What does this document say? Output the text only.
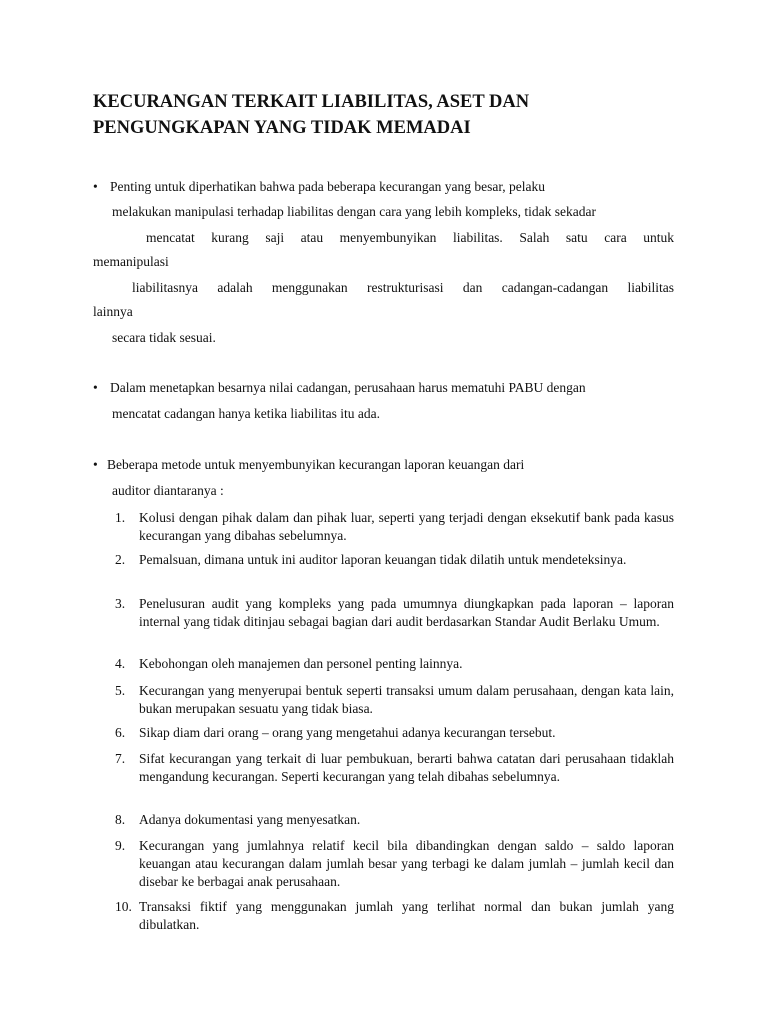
KECURANGAN TERKAIT LIABILITAS, ASET DAN PENGUNGKAPAN YANG TIDAK MEMADAI
• Penting untuk diperhatikan bahwa pada beberapa kecurangan yang besar, pelaku
melakukan manipulasi terhadap liabilitas dengan cara yang lebih kompleks, tidak sekadar
mencatat kurang saji atau menyembunyikan liabilitas. Salah satu cara untuk
memanipulasi
liabilitasnya adalah menggunakan restrukturisasi dan cadangan-cadangan liabilitas
lainnya
secara tidak sesuai.
• Dalam menetapkan besarnya nilai cadangan, perusahaan harus mematuhi PABU dengan
mencatat cadangan hanya ketika liabilitas itu ada.
• Beberapa metode untuk menyembunyikan kecurangan laporan keuangan dari
auditor diantaranya :
1. Kolusi dengan pihak dalam dan pihak luar, seperti yang terjadi dengan eksekutif bank pada kasus kecurangan yang dibahas sebelumnya.

2. Pemalsuan, dimana untuk ini auditor laporan keuangan tidak dilatih untuk mendeteksinya.

3. Penelusuran audit yang kompleks yang pada umumnya diungkapkan pada laporan – laporan internal yang tidak ditinjau sebagai bagian dari audit berdasarkan Standar Audit Berlaku Umum.

4. Kebohongan oleh manajemen dan personel penting lainnya.

5. Kecurangan yang menyerupai bentuk seperti transaksi umum dalam perusahaan, dengan kata lain, bukan merupakan sesuatu yang tidak biasa.

6. Sikap diam dari orang – orang yang mengetahui adanya kecurangan tersebut.

7. Sifat kecurangan yang terkait di luar pembukuan, berarti bahwa catatan dari perusahaan tidaklah mengandung kecurangan. Seperti kecurangan yang telah dibahas sebelumnya.

8. Adanya dokumentasi yang menyesatkan.

9. Kecurangan yang jumlahnya relatif kecil bila dibandingkan dengan saldo – saldo laporan keuangan atau kecurangan dalam jumlah besar yang terbagi ke dalam jumlah – jumlah kecil dan disebar ke berbagai anak perusahaan.

10. Transaksi fiktif yang menggunakan jumlah yang terlihat normal dan bukan jumlah yang dibulatkan.
